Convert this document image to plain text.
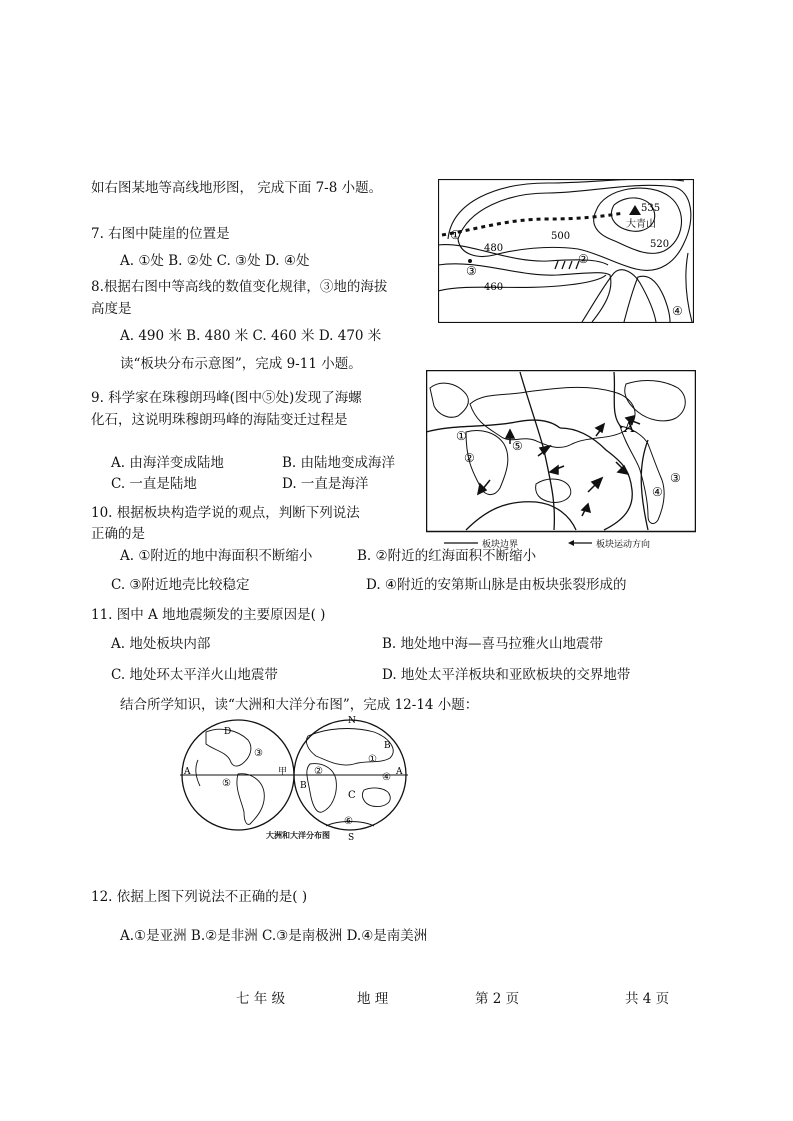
如右图某地等高线地形图， 完成下面 7-8 小题。
7. 右图中陡崖的位置是
A. ①处 B. ②处 C. ③处 D. ④处
8.根据右图中等高线的数值变化规律，③地的海拔
高度是
A. 490 米 B. 480 米 C. 460 米 D. 470 米
读“板块分布示意图”，完成 9-11 小题。
9. 科学家在珠穆朗玛峰(图中⑤处)发现了海螺
化石，这说明珠穆朗玛峰的海陆变迁过程是
A. 由海洋变成陆地	B. 由陆地变成海洋
C. 一直是陆地	D. 一直是海洋
10. 根据板块构造学说的观点，判断下列说法
正确的是
A. ①附近的地中海面积不断缩小	B. ②附近的红海面积不断缩小
C. ③附近地壳比较稳定	D. ④附近的安第斯山脉是由板块张裂形成的
11. 图中 A 地地震频发的主要原因是( )
A. 地处板块内部	B. 地处地中海—喜马拉雅火山地震带
C. 地处环太平洋火山地震带	D. 地处太平洋板块和亚欧板块的交界地带
结合所学知识，读“大洲和大洋分布图”，完成 12-14 小题：
12. 依据上图下列说法不正确的是( )
A.①是亚洲 B.②是非洲 C.③是南极洲 D.④是南美洲
535
大青山
500
520
480
460
①
②
③
④
①
②
③
④
⑤
A
板块边界	板块运动方向
N
S
A	A
B
B
C
D
甲
①
②
③
④
⑤
⑥
大洲和大洋分布图
七 年 级	地 理	第 2 页	共 4 页
